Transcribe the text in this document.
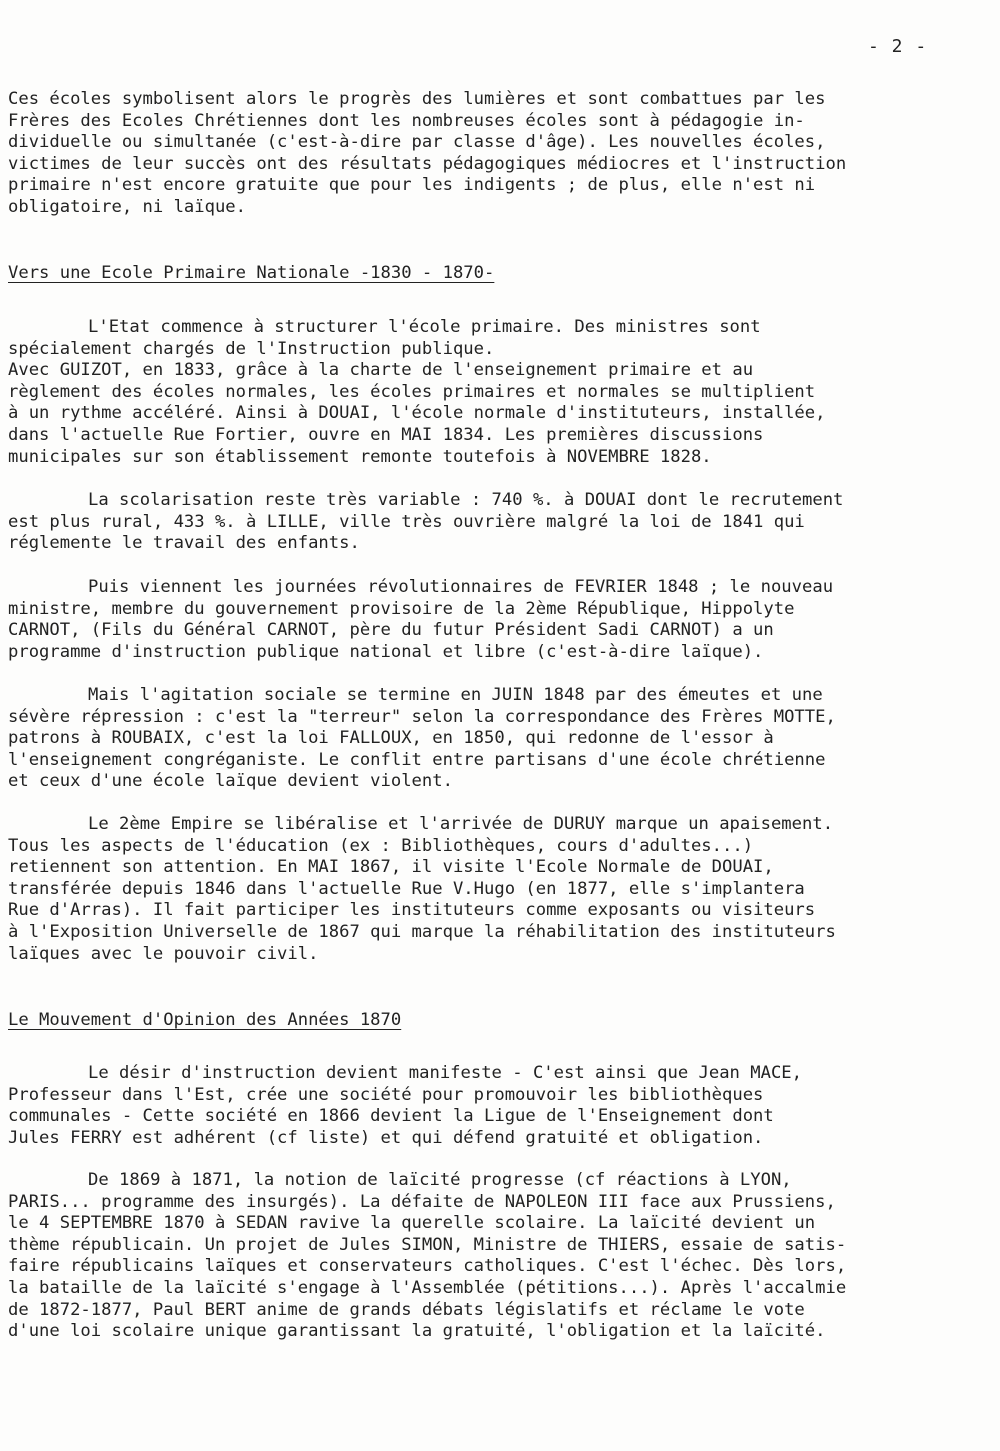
- 2 -
Ces écoles symbolisent alors le progrès des lumières et sont combattues par les
Frères des Ecoles Chrétiennes dont les nombreuses écoles sont à pédagogie in-
dividuelle ou simultanée (c'est-à-dire par classe d'âge). Les nouvelles écoles,
victimes de leur succès ont des résultats pédagogiques médiocres et l'instruction
primaire n'est encore gratuite que pour les indigents ; de plus, elle n'est ni
obligatoire, ni laïque.
Vers une Ecole Primaire Nationale -1830 - 1870-
L'Etat commence à structurer l'école primaire. Des ministres sont
spécialement chargés de l'Instruction publique.
Avec GUIZOT, en 1833, grâce à la charte de l'enseignement primaire et au
règlement des écoles normales, les écoles primaires et normales se multiplient
à un rythme accéléré. Ainsi à DOUAI, l'école normale d'instituteurs, installée,
dans l'actuelle Rue Fortier, ouvre en MAI 1834. Les premières discussions
municipales sur son établissement remonte toutefois à NOVEMBRE 1828.
La scolarisation reste très variable : 740 %. à DOUAI dont le recrutement
est plus rural, 433 %. à LILLE, ville très ouvrière malgré la loi de 1841 qui
réglemente le travail des enfants.
Puis viennent les journées révolutionnaires de FEVRIER 1848 ; le nouveau
ministre, membre du gouvernement provisoire de la 2ème République, Hippolyte
CARNOT, (Fils du Général CARNOT, père du futur Président Sadi CARNOT) a un
programme d'instruction publique national et libre (c'est-à-dire laïque).
Mais l'agitation sociale se termine en JUIN 1848 par des émeutes et une
sévère répression : c'est la "terreur" selon la correspondance des Frères MOTTE,
patrons à ROUBAIX, c'est la loi FALLOUX, en 1850, qui redonne de l'essor à
l'enseignement congréganiste. Le conflit entre partisans d'une école chrétienne
et ceux d'une école laïque devient violent.
Le 2ème Empire se libéralise et l'arrivée de DURUY marque un apaisement.
Tous les aspects de l'éducation (ex : Bibliothèques, cours d'adultes...)
retiennent son attention. En MAI 1867, il visite l'Ecole Normale de DOUAI,
transférée depuis 1846 dans l'actuelle Rue V.Hugo (en 1877, elle s'implantera
Rue d'Arras). Il fait participer les instituteurs comme exposants ou visiteurs
à l'Exposition Universelle de 1867 qui marque la réhabilitation des instituteurs
laïques avec le pouvoir civil.
Le Mouvement d'Opinion des Années 1870
Le désir d'instruction devient manifeste - C'est ainsi que Jean MACE,
Professeur dans l'Est, crée une société pour promouvoir les bibliothèques
communales - Cette société en 1866 devient la Ligue de l'Enseignement dont
Jules FERRY est adhérent (cf liste) et qui défend gratuité et obligation.
De 1869 à 1871, la notion de laïcité progresse (cf réactions à LYON,
PARIS... programme des insurgés). La défaite de NAPOLEON III face aux Prussiens,
le 4 SEPTEMBRE 1870 à SEDAN ravive la querelle scolaire. La laïcité devient un
thème républicain. Un projet de Jules SIMON, Ministre de THIERS, essaie de satis-
faire républicains laïques et conservateurs catholiques. C'est l'échec. Dès lors,
la bataille de la laïcité s'engage à l'Assemblée (pétitions...). Après l'accalmie
de 1872-1877, Paul BERT anime de grands débats législatifs et réclame le vote
d'une loi scolaire unique garantissant la gratuité, l'obligation et la laïcité.
